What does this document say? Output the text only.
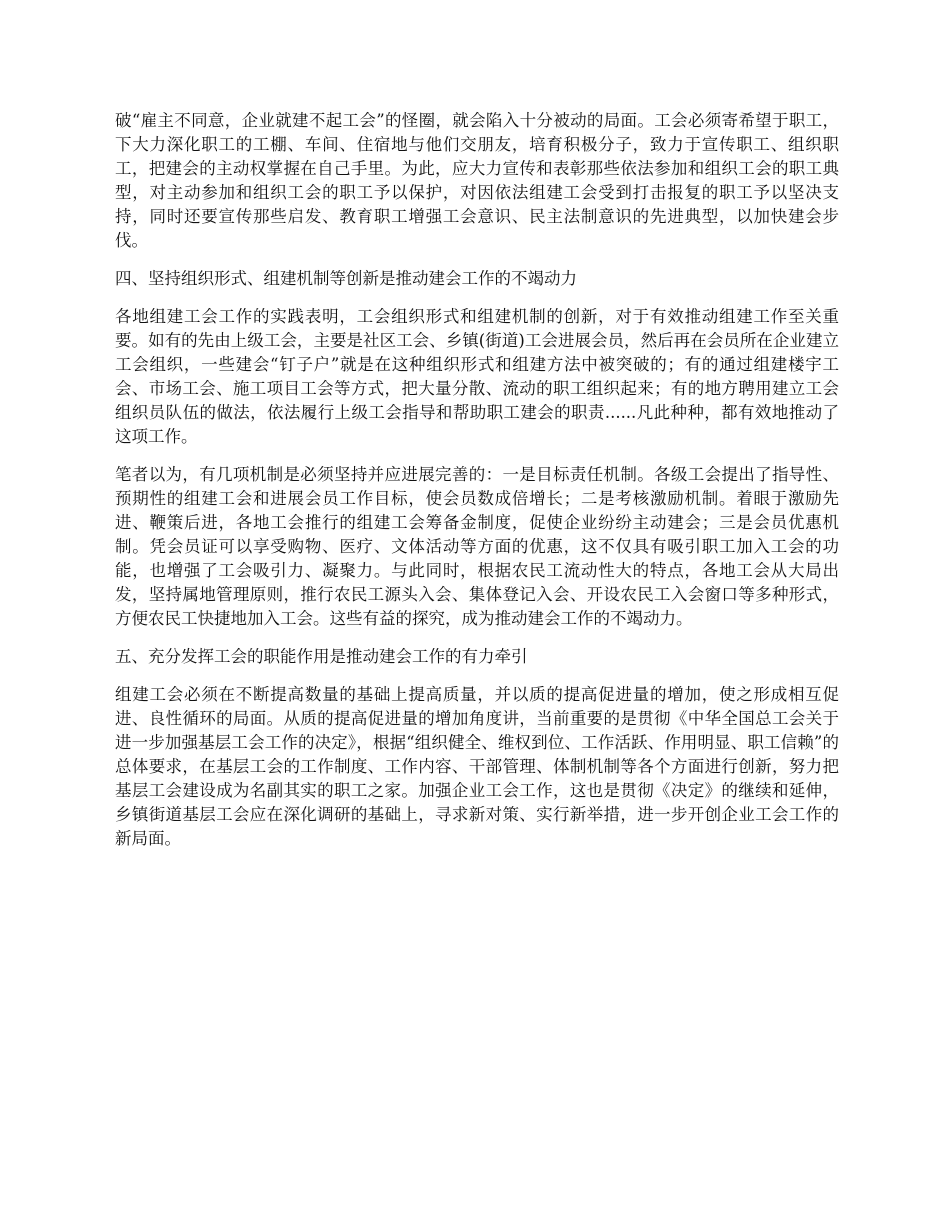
破“雇主不同意，企业就建不起工会”的怪圈，就会陷入十分被动的局面。工会必须寄希望于职工，下大力深化职工的工棚、车间、住宿地与他们交朋友，培育积极分子，致力于宣传职工、组织职工，把建会的主动权掌握在自己手里。为此，应大力宣传和表彰那些依法参加和组织工会的职工典型，对主动参加和组织工会的职工予以保护，对因依法组建工会受到打击报复的职工予以坚决支持，同时还要宣传那些启发、教育职工增强工会意识、民主法制意识的先进典型，以加快建会步伐。

四、坚持组织形式、组建机制等创新是推动建会工作的不竭动力

各地组建工会工作的实践表明，工会组织形式和组建机制的创新，对于有效推动组建工作至关重要。如有的先由上级工会，主要是社区工会、乡镇(街道)工会进展会员，然后再在会员所在企业建立工会组织，一些建会“钉子户”就是在这种组织形式和组建方法中被突破的；有的通过组建楼宇工会、市场工会、施工项目工会等方式，把大量分散、流动的职工组织起来；有的地方聘用建立工会组织员队伍的做法，依法履行上级工会指导和帮助职工建会的职责......凡此种种，都有效地推动了这项工作。

笔者以为，有几项机制是必须坚持并应进展完善的：一是目标责任机制。各级工会提出了指导性、预期性的组建工会和进展会员工作目标，使会员数成倍增长；二是考核激励机制。着眼于激励先进、鞭策后进，各地工会推行的组建工会筹备金制度，促使企业纷纷主动建会；三是会员优惠机制。凭会员证可以享受购物、医疗、文体活动等方面的优惠，这不仅具有吸引职工加入工会的功能，也增强了工会吸引力、凝聚力。与此同时，根据农民工流动性大的特点，各地工会从大局出发，坚持属地管理原则，推行农民工源头入会、集体登记入会、开设农民工入会窗口等多种形式，方便农民工快捷地加入工会。这些有益的探究，成为推动建会工作的不竭动力。

五、充分发挥工会的职能作用是推动建会工作的有力牵引

组建工会必须在不断提高数量的基础上提高质量，并以质的提高促进量的增加，使之形成相互促进、良性循环的局面。从质的提高促进量的增加角度讲，当前重要的是贯彻《中华全国总工会关于进一步加强基层工会工作的决定》，根据“组织健全、维权到位、工作活跃、作用明显、职工信赖”的总体要求，在基层工会的工作制度、工作内容、干部管理、体制机制等各个方面进行创新，努力把基层工会建设成为名副其实的职工之家。加强企业工会工作，这也是贯彻《决定》的继续和延伸，乡镇街道基层工会应在深化调研的基础上，寻求新对策、实行新举措，进一步开创企业工会工作的新局面。
